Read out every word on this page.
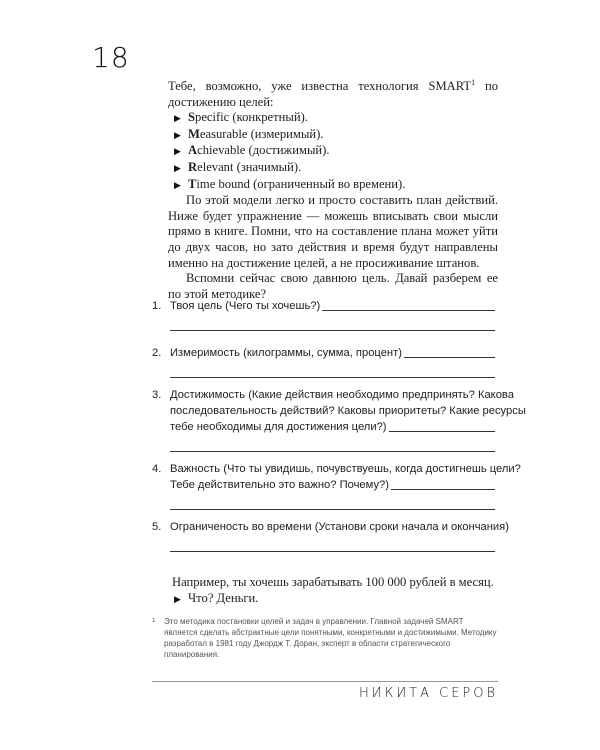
18

Тебе, возможно, уже известна технология SMART$^1$ по достижению целей:

▶ Specific (конкретный).
▶ Measurable (измеримый).
▶ Achievable (достижимый).
▶ Relevant (значимый).
▶ Time bound (ограниченный во времени).

По этой модели легко и просто составить план действий. Ниже будет упражнение — можешь вписывать свои мысли прямо в книге. Помни, что на составление плана может уйти до двух часов, но зато действия и время будут направлены именно на достижение целей, а не просиживание штанов.

Вспомни сейчас свою давнюю цель. Давай разберем ее по этой методике?

1. Твоя цель (Чего ты хочешь?)
2. Измеримость (килограммы, сумма, процент)
3. Достижимость (Какие действия необходимо предпринять? Какова
последовательность действий? Каковы приоритеты? Какие ресурсы
тебе необходимы для достижения цели?)
4. Важность (Что ты увидишь, почувствуешь, когда достигнешь цели?
Тебе действительно это важно? Почему?)
5. Ограниченость во времени (Установи сроки начала и окончания)

Например, ты хочешь зарабатывать 100 000 рублей в месяц.

▶ Что? Деньги.
1	Это методика постановки целей и задач в управлении. Главной задачей SMART является сделать абстрактные цели понятными, конкретными и достижимыми. Методику разработал в 1981 году Джордж Т. Доран, эксперт в области стратегического планирования.
НИКИТА СЕРОВ
